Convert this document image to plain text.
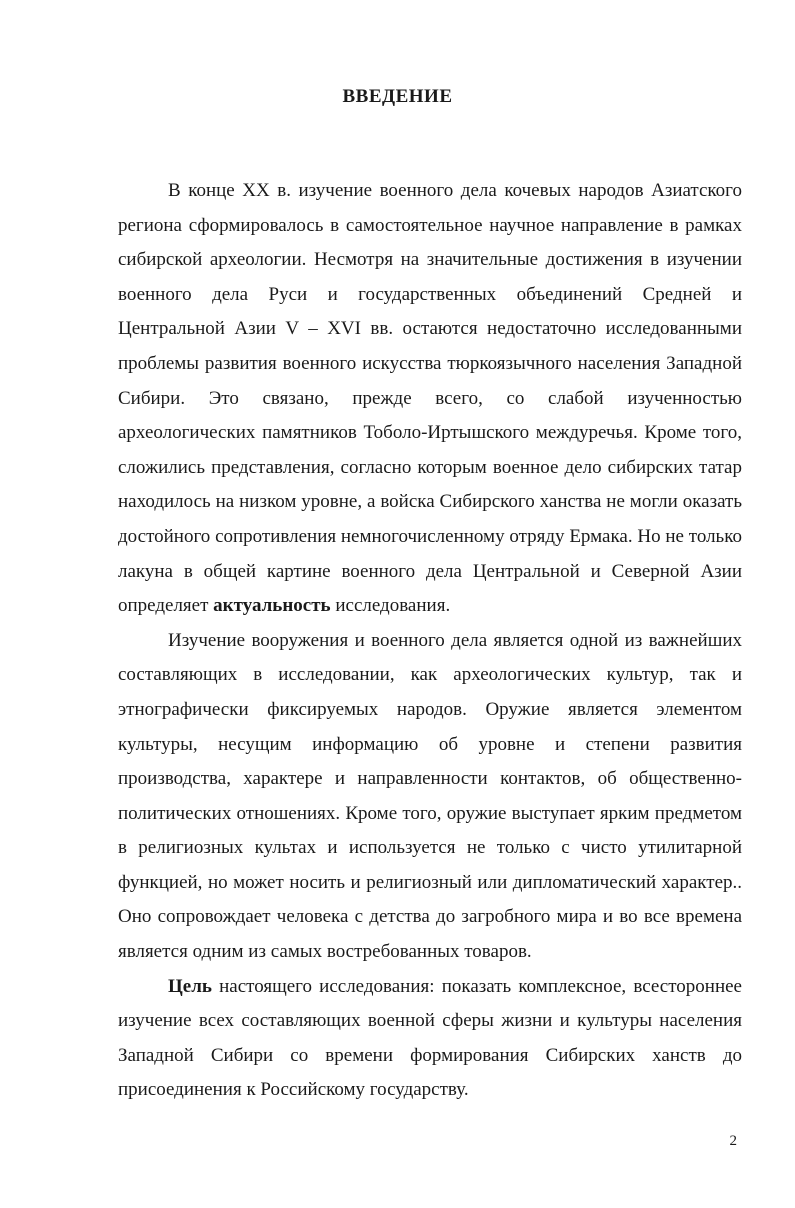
ВВЕДЕНИЕ

В конце XX в. изучение военного дела кочевых народов Азиатского региона сформировалось в самостоятельное научное направление в рамках сибирской археологии. Несмотря на значительные достижения в изучении военного дела Руси и государственных объединений Средней и Центральной Азии V – XVI вв. остаются недостаточно исследованными проблемы развития военного искусства тюркоязычного населения Западной Сибири. Это связано, прежде всего, со слабой изученностью археологических памятников Тоболо-Иртышского междуречья. Кроме того, сложились представления, согласно которым военное дело сибирских татар находилось на низком уровне, а войска Сибирского ханства не могли оказать достойного сопротивления немногочисленному отряду Ермака. Но не только лакуна в общей картине военного дела Центральной и Северной Азии определяет актуальность исследования.

Изучение вооружения и военного дела является одной из важнейших составляющих в исследовании, как археологических культур, так и этнографически фиксируемых народов. Оружие является элементом культуры, несущим информацию об уровне и степени развития производства, характере и направленности контактов, об общественно-политических отношениях. Кроме того, оружие выступает ярким предметом в религиозных культах и используется не только с чисто утилитарной функцией, но может носить и религиозный или дипломатический характер.. Оно сопровождает человека с детства до загробного мира и во все времена является одним из самых востребованных товаров.

Цель настоящего исследования: показать комплексное, всестороннее изучение всех составляющих военной сферы жизни и культуры населения Западной Сибири со времени формирования Сибирских ханств до присоединения к Российскому государству.

2
